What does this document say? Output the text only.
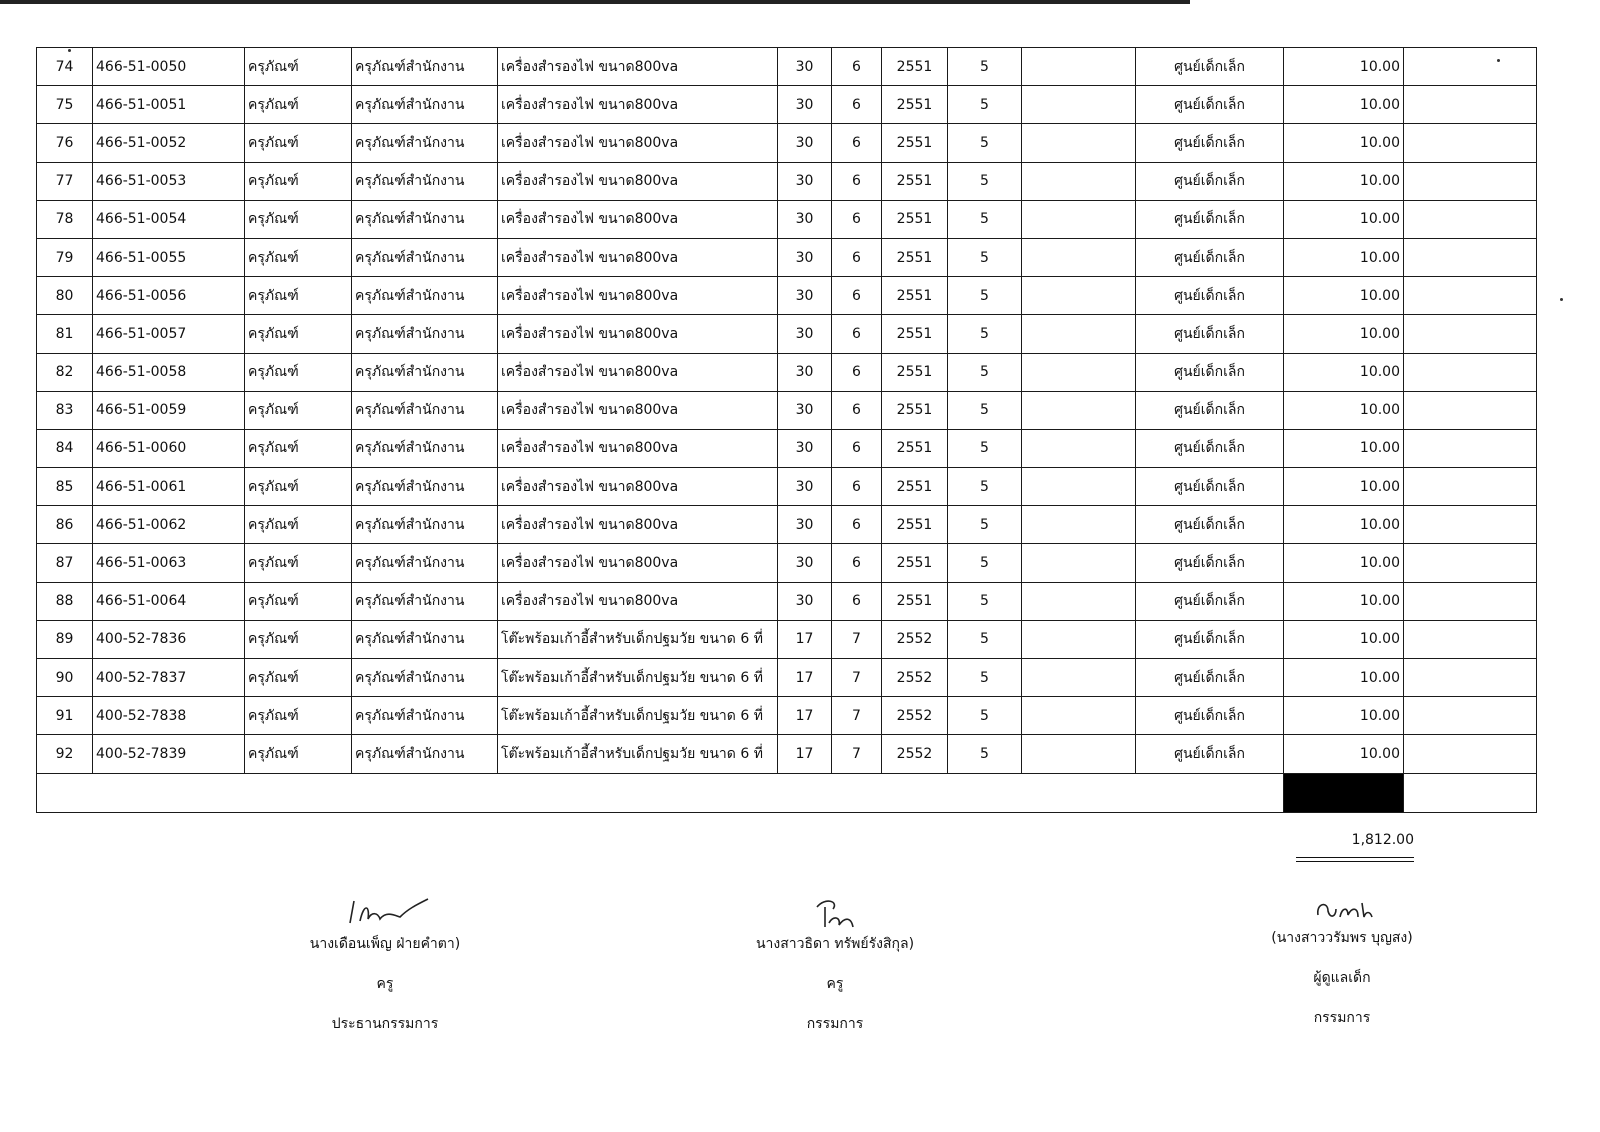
74	466-51-0050	ครุภัณฑ์	ครุภัณฑ์สำนักงาน	เครื่องสำรองไฟ ขนาด800va	30	6	2551	5		ศูนย์เด็กเล็ก	10.00	
75	466-51-0051	ครุภัณฑ์	ครุภัณฑ์สำนักงาน	เครื่องสำรองไฟ ขนาด800va	30	6	2551	5		ศูนย์เด็กเล็ก	10.00	
76	466-51-0052	ครุภัณฑ์	ครุภัณฑ์สำนักงาน	เครื่องสำรองไฟ ขนาด800va	30	6	2551	5		ศูนย์เด็กเล็ก	10.00	
77	466-51-0053	ครุภัณฑ์	ครุภัณฑ์สำนักงาน	เครื่องสำรองไฟ ขนาด800va	30	6	2551	5		ศูนย์เด็กเล็ก	10.00	
78	466-51-0054	ครุภัณฑ์	ครุภัณฑ์สำนักงาน	เครื่องสำรองไฟ ขนาด800va	30	6	2551	5		ศูนย์เด็กเล็ก	10.00	
79	466-51-0055	ครุภัณฑ์	ครุภัณฑ์สำนักงาน	เครื่องสำรองไฟ ขนาด800va	30	6	2551	5		ศูนย์เด็กเล็ก	10.00	
80	466-51-0056	ครุภัณฑ์	ครุภัณฑ์สำนักงาน	เครื่องสำรองไฟ ขนาด800va	30	6	2551	5		ศูนย์เด็กเล็ก	10.00	
81	466-51-0057	ครุภัณฑ์	ครุภัณฑ์สำนักงาน	เครื่องสำรองไฟ ขนาด800va	30	6	2551	5		ศูนย์เด็กเล็ก	10.00	
82	466-51-0058	ครุภัณฑ์	ครุภัณฑ์สำนักงาน	เครื่องสำรองไฟ ขนาด800va	30	6	2551	5		ศูนย์เด็กเล็ก	10.00	
83	466-51-0059	ครุภัณฑ์	ครุภัณฑ์สำนักงาน	เครื่องสำรองไฟ ขนาด800va	30	6	2551	5		ศูนย์เด็กเล็ก	10.00	
84	466-51-0060	ครุภัณฑ์	ครุภัณฑ์สำนักงาน	เครื่องสำรองไฟ ขนาด800va	30	6	2551	5		ศูนย์เด็กเล็ก	10.00	
85	466-51-0061	ครุภัณฑ์	ครุภัณฑ์สำนักงาน	เครื่องสำรองไฟ ขนาด800va	30	6	2551	5		ศูนย์เด็กเล็ก	10.00	
86	466-51-0062	ครุภัณฑ์	ครุภัณฑ์สำนักงาน	เครื่องสำรองไฟ ขนาด800va	30	6	2551	5		ศูนย์เด็กเล็ก	10.00	
87	466-51-0063	ครุภัณฑ์	ครุภัณฑ์สำนักงาน	เครื่องสำรองไฟ ขนาด800va	30	6	2551	5		ศูนย์เด็กเล็ก	10.00	
88	466-51-0064	ครุภัณฑ์	ครุภัณฑ์สำนักงาน	เครื่องสำรองไฟ ขนาด800va	30	6	2551	5		ศูนย์เด็กเล็ก	10.00	
89	400-52-7836	ครุภัณฑ์	ครุภัณฑ์สำนักงาน	โต๊ะพร้อมเก้าอี้สำหรับเด็กปฐมวัย ขนาด 6 ที่	17	7	2552	5		ศูนย์เด็กเล็ก	10.00	
90	400-52-7837	ครุภัณฑ์	ครุภัณฑ์สำนักงาน	โต๊ะพร้อมเก้าอี้สำหรับเด็กปฐมวัย ขนาด 6 ที่	17	7	2552	5		ศูนย์เด็กเล็ก	10.00	
91	400-52-7838	ครุภัณฑ์	ครุภัณฑ์สำนักงาน	โต๊ะพร้อมเก้าอี้สำหรับเด็กปฐมวัย ขนาด 6 ที่	17	7	2552	5		ศูนย์เด็กเล็ก	10.00	
92	400-52-7839	ครุภัณฑ์	ครุภัณฑ์สำนักงาน	โต๊ะพร้อมเก้าอี้สำหรับเด็กปฐมวัย ขนาด 6 ที่	17	7	2552	5		ศูนย์เด็กเล็ก	10.00	

1,812.00
นางเดือนเพ็ญ ฝ่ายคำตา)
ครู
ประธานกรรมการ
นางสาวธิดา ทรัพย์รังสิกุล)
ครู
กรรมการ
(นางสาววรัมพร บุญสง)
ผู้ดูแลเด็ก
กรรมการ
